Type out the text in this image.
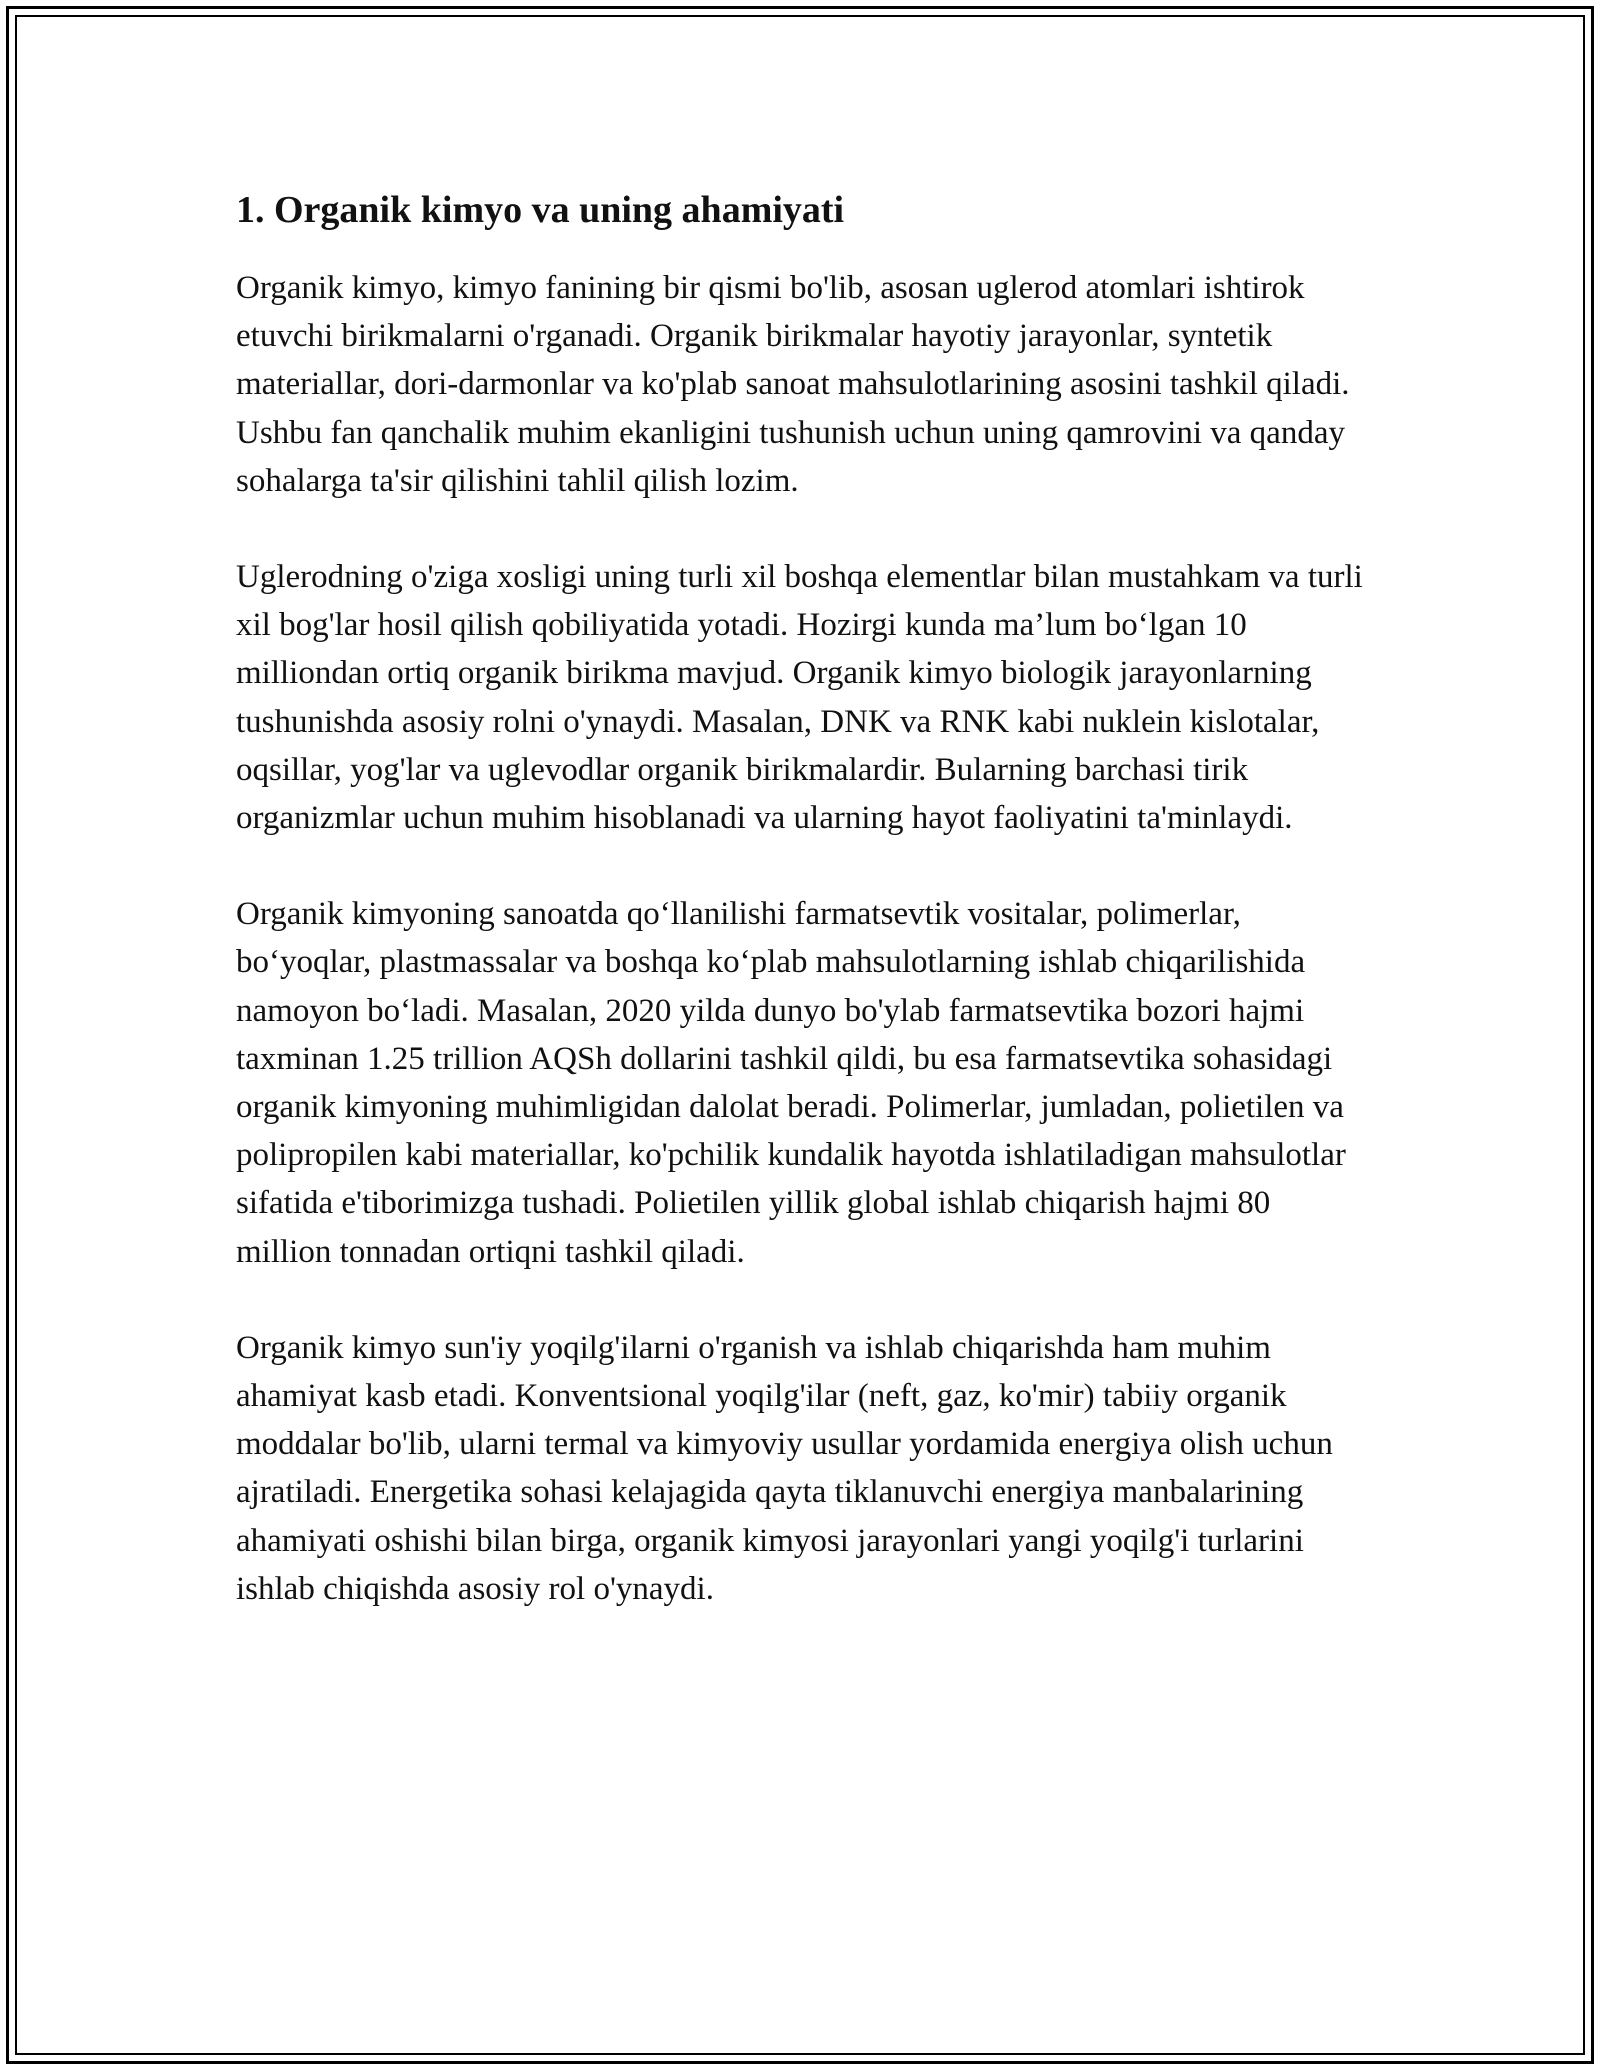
1. Organik kimyo va uning ahamiyati

Organik kimyo, kimyo fanining bir qismi bo'lib, asosan uglerod atomlari ishtirok etuvchi birikmalarni o'rganadi. Organik birikmalar hayotiy jarayonlar, syntetik materiallar, dori-darmonlar va ko'plab sanoat mahsulotlarining asosini tashkil qiladi. Ushbu fan qanchalik muhim ekanligini tushunish uchun uning qamrovini va qanday sohalarga ta'sir qilishini tahlil qilish lozim.

Uglerodning o'ziga xosligi uning turli xil boshqa elementlar bilan mustahkam va turli xil bog'lar hosil qilish qobiliyatida yotadi. Hozirgi kunda ma’lum bo‘lgan 10 milliondan ortiq organik birikma mavjud. Organik kimyo biologik jarayonlarning tushunishda asosiy rolni o'ynaydi. Masalan, DNK va RNK kabi nuklein kislotalar, oqsillar, yog'lar va uglevodlar organik birikmalardir. Bularning barchasi tirik organizmlar uchun muhim hisoblanadi va ularning hayot faoliyatini ta'minlaydi.

Organik kimyoning sanoatda qo‘llanilishi farmatsevtik vositalar, polimerlar, bo‘yoqlar, plastmassalar va boshqa ko‘plab mahsulotlarning ishlab chiqarilishida namoyon bo‘ladi. Masalan, 2020 yilda dunyo bo'ylab farmatsevtika bozori hajmi taxminan 1.25 trillion AQSh dollarini tashkil qildi, bu esa farmatsevtika sohasidagi organik kimyoning muhimligidan dalolat beradi. Polimerlar, jumladan, polietilen va polipropilen kabi materiallar, ko'pchilik kundalik hayotda ishlatiladigan mahsulotlar sifatida e'tiborimizga tushadi. Polietilen yillik global ishlab chiqarish hajmi 80 million tonnadan ortiqni tashkil qiladi.

Organik kimyo sun'iy yoqilg'ilarni o'rganish va ishlab chiqarishda ham muhim ahamiyat kasb etadi. Konventsional yoqilg'ilar (neft, gaz, ko'mir) tabiiy organik moddalar bo'lib, ularni termal va kimyoviy usullar yordamida energiya olish uchun ajratiladi. Energetika sohasi kelajagida qayta tiklanuvchi energiya manbalarining ahamiyati oshishi bilan birga, organik kimyosi jarayonlari yangi yoqilg'i turlarini ishlab chiqishda asosiy rol o'ynaydi.
